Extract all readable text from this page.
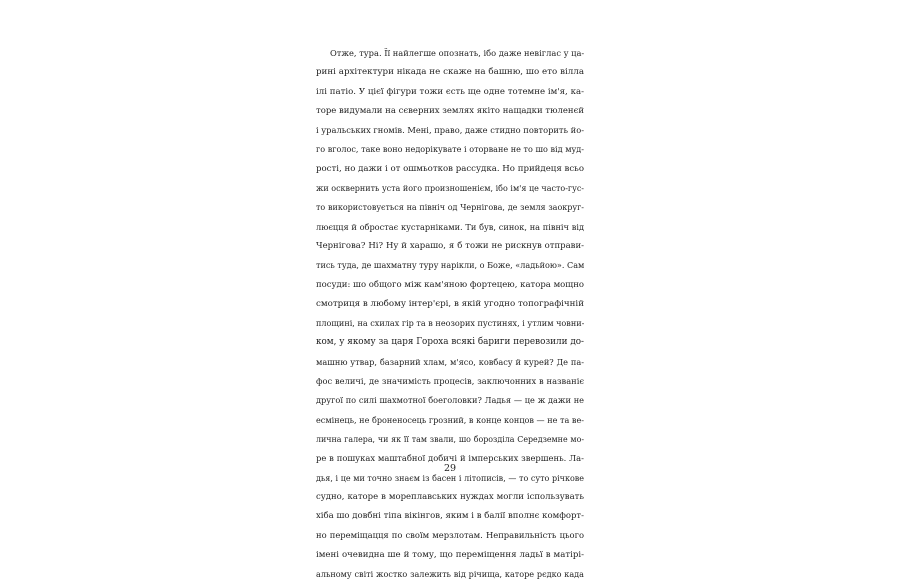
Отже, тура. Її найлегше опознать, ібо даже невіглас у ца-
рині архітектури нікада не скаже на башню, шо ето вілла
ілі патіо. У цієї фігури тожи єсть ще одне тотемне ім'я, ка-
торе видумали на сєверних землях якіто нащадки тюленєй
і уральських гномів. Мені, право, даже стидно повторить йо-
го вголос, таке воно недорікувате і оторване не то шо від муд-
рості, но дажи і от ошмьотков рассудка. Но прийдеця всьо
жи осквернить уста його произношенієм, ібо ім'я це часто-гус-
то використовується на північ од Чернігова, де земля заокруг-
люєцця й обростає кустарніками. Ти був, синок, на північ від
Чернігова? Ні? Ну й харашо, я б тожи не рискнув отправи-
тись туда, де шахматну туру нарікли, о Боже, «ладьйою». Сам
посуди: шо общого між кам'яною фортецею, катора мощно
смотриця в любому інтер'єрі, в якій угодно топографічній
площині, на схилах гір та в неозорих пустинях, і утлим човни-
ком, у якому за царя Гороха всякі бариги перевозили до-
машню утвар, базарний хлам, м'ясо, ковбасу й курей? Де па-
фос величі, де значимість процесів, заключонних в названіє
другої по силі шахмотної боеголовки? Ладья — це ж дажи не
есмінець, не броненосець грозний, в конце концов — не та ве-
лична галера, чи як її там звали, шо борозділа Середземне мо-
ре в пошуках маштабної добичі й імперських звершень. Ла-
дья, і це ми точно знаєм із басен і літописів, — то суто річкове
судно, каторе в мореплавських нуждах могли іспользувать
хіба шо довбні тіпа вікінгов, яким і в балії вполнє комфорт-
но переміщацця по своїм мерзлотам. Неправильність цього
імені очевидна ше й тому, що переміщення ладьї в матірі-
альному світі жостко залежить від річища, каторе рєдко када
29
